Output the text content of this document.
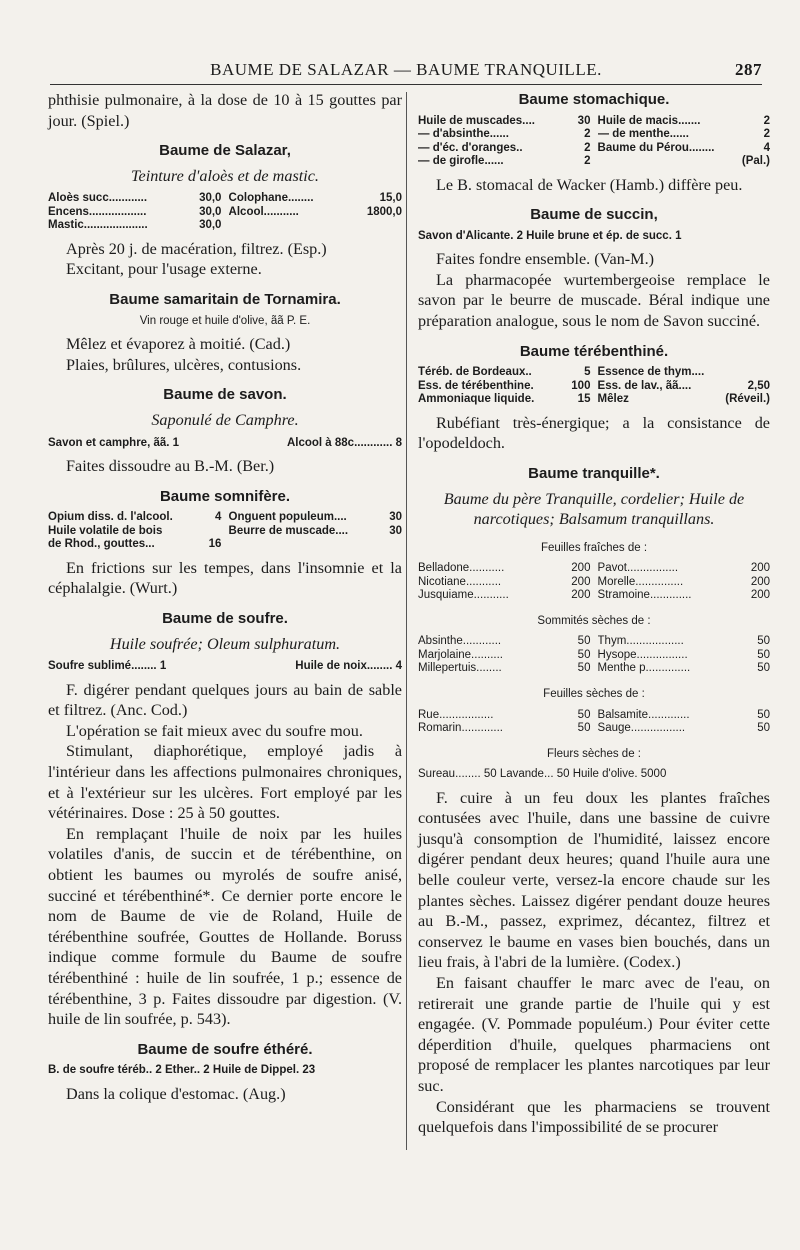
BAUME DE SALAZAR — BAUME TRANQUILLE.	287

phthisie pulmonaire, à la dose de 10 à 15 gouttes par jour. (Spiel.)

Baume de Salazar,
Teinture d'aloès et de mastic.
Aloès succ............	30,0 Colophane........	15,0
Encens..................	30,0 Alcool...........	1800,0
Mastic....................	30,0

Après 20 j. de macération, filtrez. (Esp.)

Excitant, pour l'usage externe.

Baume samaritain de Tornamira.
Vin rouge et huile d'olive, ãã P. E.

Mêlez et évaporez à moitié. (Cad.)

Plaies, brûlures, ulcères, contusions.

Baume de savon.
Saponulé de Camphre.
Savon et camphre, ãã. 1	Alcool à 88c............ 8

Faites dissoudre au B.-M. (Ber.)

Baume somnifère.
Opium diss. d. l'alcool.	4 Onguent populeum....	30
Huile volatile de bois	Beurre de muscade....	30
de Rhod., gouttes...	16

En frictions sur les tempes, dans l'insomnie et la céphalalgie. (Wurt.)

Baume de soufre.
Huile soufrée; Oleum sulphuratum.
Soufre sublimé........ 1	Huile de noix........ 4

F. digérer pendant quelques jours au bain de sable et filtrez. (Anc. Cod.)

L'opération se fait mieux avec du soufre mou.

Stimulant, diaphorétique, employé jadis à l'intérieur dans les affections pulmonaires chroniques, et à l'extérieur sur les ulcères. Fort employé par les vétérinaires. Dose : 25 à 50 gouttes.

En remplaçant l'huile de noix par les huiles volatiles d'anis, de succin et de térébenthine, on obtient les baumes ou myrolés de soufre anisé, succiné et térébenthiné*. Ce dernier porte encore le nom de Baume de vie de Roland, Huile de térébenthine soufrée, Gouttes de Hollande. Boruss indique comme formule du Baume de soufre térébenthiné : huile de lin soufrée, 1 p.; essence de térébenthine, 3 p. Faites dissoudre par digestion. (V. huile de lin soufrée, p. 543).

Baume de soufre éthéré.
B. de soufre téréb.. 2 Ether.. 2 Huile de Dippel. 23

Dans la colique d'estomac. (Aug.)

Baume stomachique.
Huile de muscades....	30 Huile de macis.......	2
— d'absinthe......	2 — de menthe......	2
— d'éc. d'oranges..	2 Baume du Pérou........	4
— de girofle......	2	(Pal.)

Le B. stomacal de Wacker (Hamb.) diffère peu.

Baume de succin,
Savon d'Alicante. 2 Huile brune et ép. de succ. 1

Faites fondre ensemble. (Van-M.)

La pharmacopée wurtembergeoise remplace le savon par le beurre de muscade. Béral indique une préparation analogue, sous le nom de Savon succiné.

Baume térébenthiné.
Téréb. de Bordeaux..	5 Essence de thym....
Ess. de térébenthine.	100 Ess. de lav., ãã....	2,50
Ammoniaque liquide.	15 Mêlez	(Réveil.)

Rubéfiant très-énergique; a la consistance de l'opodeldoch.

Baume tranquille*.

Baume du père Tranquille, cordelier; Huile de narcotiques; Balsamum tranquillans.

Feuilles fraîches de :
Belladone...........	200 Pavot................	200
Nicotiane...........	200 Morelle...............	200
Jusquiame...........	200 Stramoine.............	200
Sommités sèches de :
Absinthe............	50 Thym..................	50
Marjolaine..........	50 Hysope................	50
Millepertuis........	50 Menthe p..............	50
Feuilles sèches de :
Rue.................	50 Balsamite.............	50
Romarin.............	50 Sauge.................	50
Fleurs sèches de :
Sureau........ 50 Lavande... 50 Huile d'olive. 5000

F. cuire à un feu doux les plantes fraîches contusées avec l'huile, dans une bassine de cuivre jusqu'à consomption de l'humidité, laissez encore digérer pendant deux heures; quand l'huile aura une belle couleur verte, versez-la encore chaude sur les plantes sèches. Laissez digérer pendant douze heures au B.-M., passez, exprimez, décantez, filtrez et conservez le baume en vases bien bouchés, dans un lieu frais, à l'abri de la lumière. (Codex.)

En faisant chauffer le marc avec de l'eau, on retirerait une grande partie de l'huile qui y est engagée. (V. Pommade populéum.) Pour éviter cette déperdition d'huile, quelques pharmaciens ont proposé de remplacer les plantes narcotiques par leur suc.

Considérant que les pharmaciens se trouvent quelquefois dans l'impossibilité de se procurer
